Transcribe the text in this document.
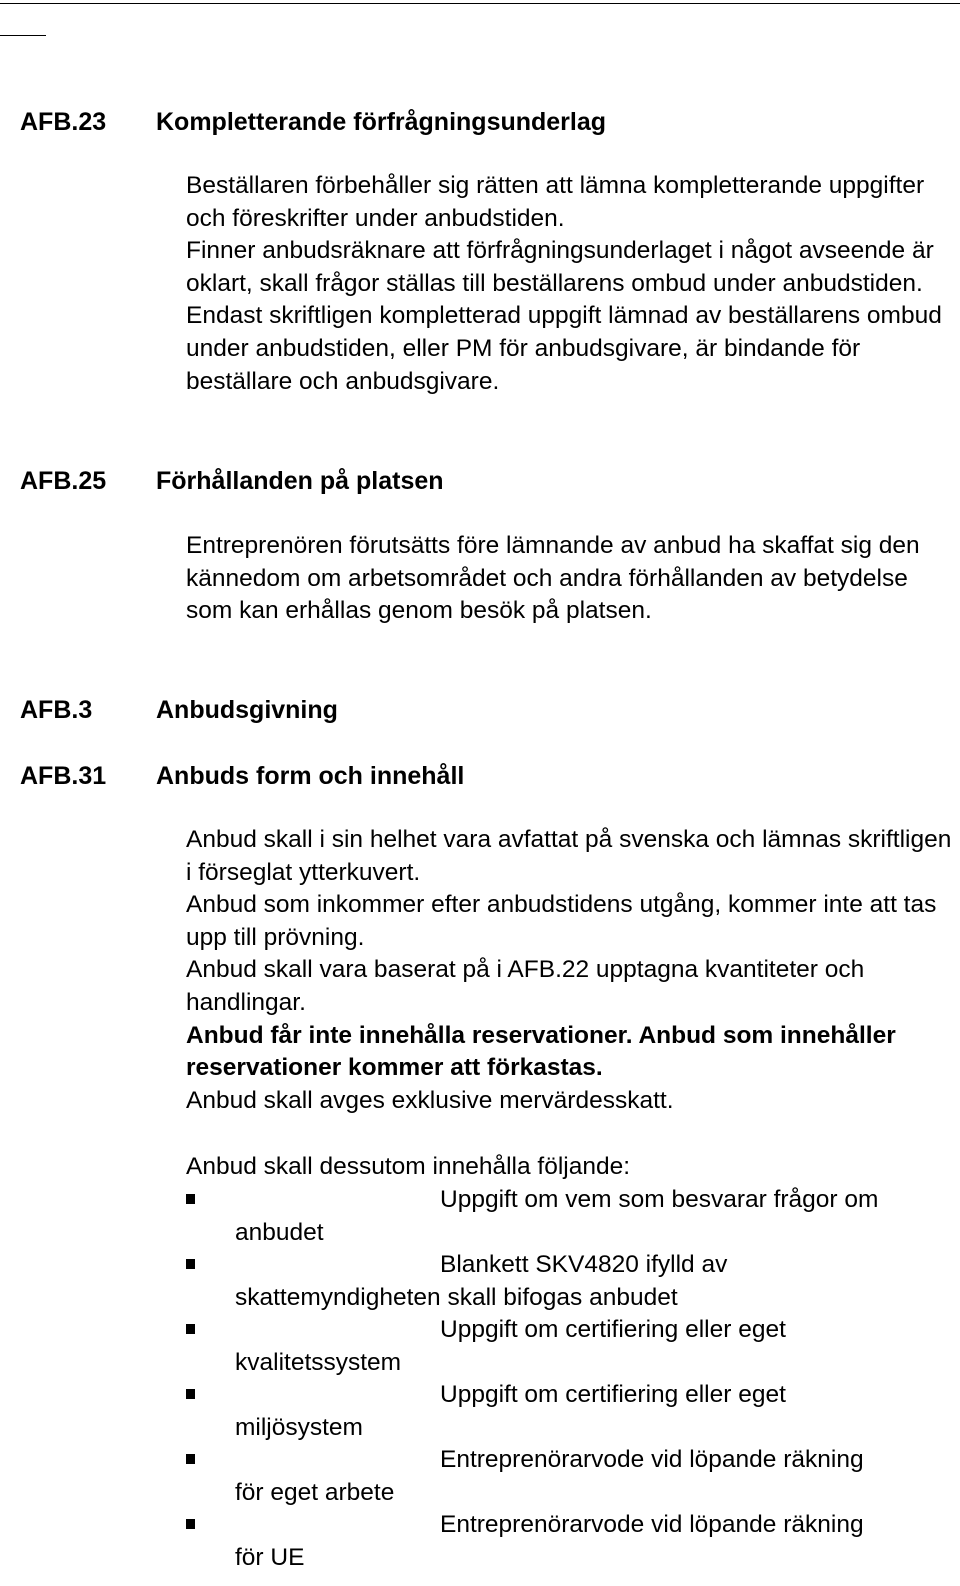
AFB.23 Kompletterande förfrågningsunderlag

Beställaren förbehåller sig rätten att lämna kompletterande uppgifter och föreskrifter under anbudstiden.

Finner anbudsräknare att förfrågningsunderlaget i något avseende är oklart, skall frågor ställas till beställarens ombud under anbudstiden.

Endast skriftligen kompletterad uppgift lämnad av beställarens ombud under anbudstiden, eller PM för anbudsgivare, är bindande för beställare och anbudsgivare.

AFB.25 Förhållanden på platsen

Entreprenören förutsätts före lämnande av anbud ha skaffat sig den kännedom om arbetsområdet och andra förhållanden av betydelse som kan erhållas genom besök på platsen.

AFB.3	Anbudsgivning
AFB.31 Anbuds form och innehåll

Anbud skall i sin helhet vara avfattat på svenska och lämnas skriftligen i förseglat ytterkuvert.

Anbud som inkommer efter anbudstidens utgång, kommer inte att tas upp till prövning.

Anbud skall vara baserat på i AFB.22 upptagna kvantiteter och handlingar.

Anbud får inte innehålla reservationer. Anbud som innehåller reservationer kommer att förkastas.

Anbud skall avges exklusive mervärdesskatt.

Anbud skall dessutom innehålla följande:
Uppgift om vem som besvarar frågor om
anbudet
Blankett SKV4820 ifylld av
skattemyndigheten skall bifogas anbudet
Uppgift om certifiering eller eget
kvalitetssystem
Uppgift om certifiering eller eget
miljösystem
Entreprenörarvode vid löpande räkning
för eget arbete
Entreprenörarvode vid löpande räkning
för UE
